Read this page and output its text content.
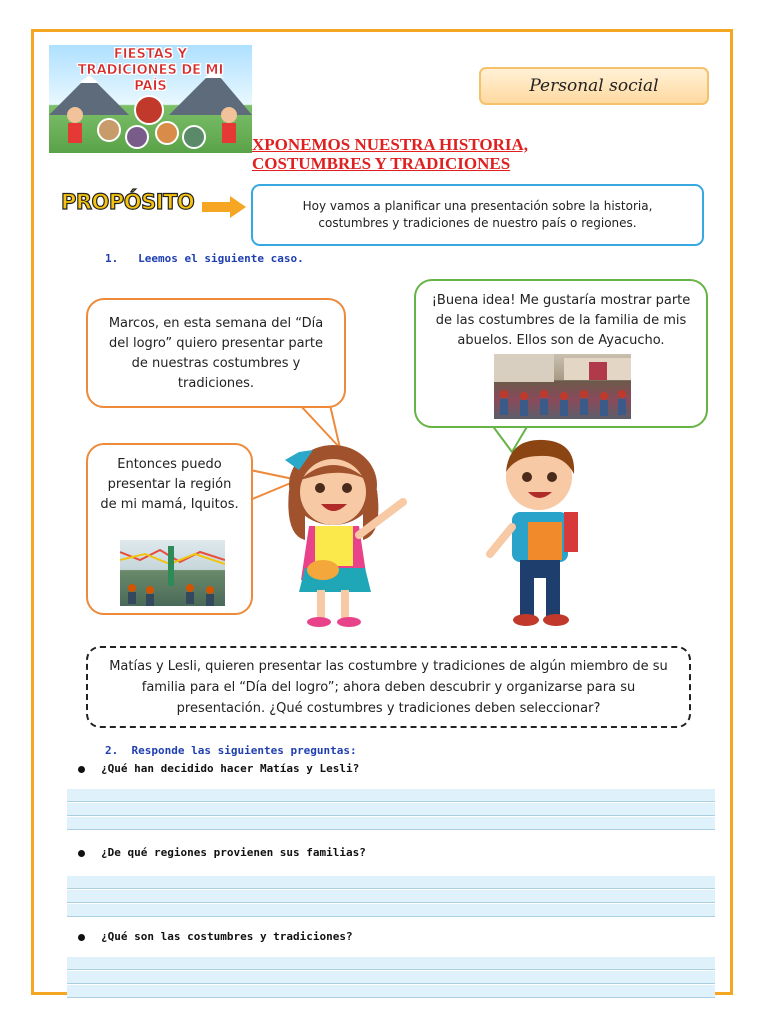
FIESTAS Y
TRADICIONES DE MI
PAÍS	Personal social
XPONEMOS NUESTRA HISTORIA,
COSTUMBRES Y TRADICIONES
PROPÓSITO	Hoy vamos a planificar una presentación sobre la historia, costumbres y tradiciones de nuestro país o regiones.
1. Leemos el siguiente caso.
Marcos, en esta semana del “Día del logro” quiero presentar parte de nuestras costumbres y tradiciones.
¡Buena idea! Me gustaría mostrar parte de las costumbres de la familia de mis abuelos. Ellos son de Ayacucho.
Entonces puedo presentar la región de mi mamá, Iquitos.
Matías y Lesli, quieren presentar las costumbre y tradiciones de algún miembro de su familia para el “Día del logro”; ahora deben descubrir y organizarse para su presentación. ¿Qué costumbres y tradiciones deben seleccionar?
2. Responde las siguientes preguntas:
¿Qué han decidido hacer Matías y Lesli?
¿De qué regiones provienen sus familias?
¿Qué son las costumbres y tradiciones?
